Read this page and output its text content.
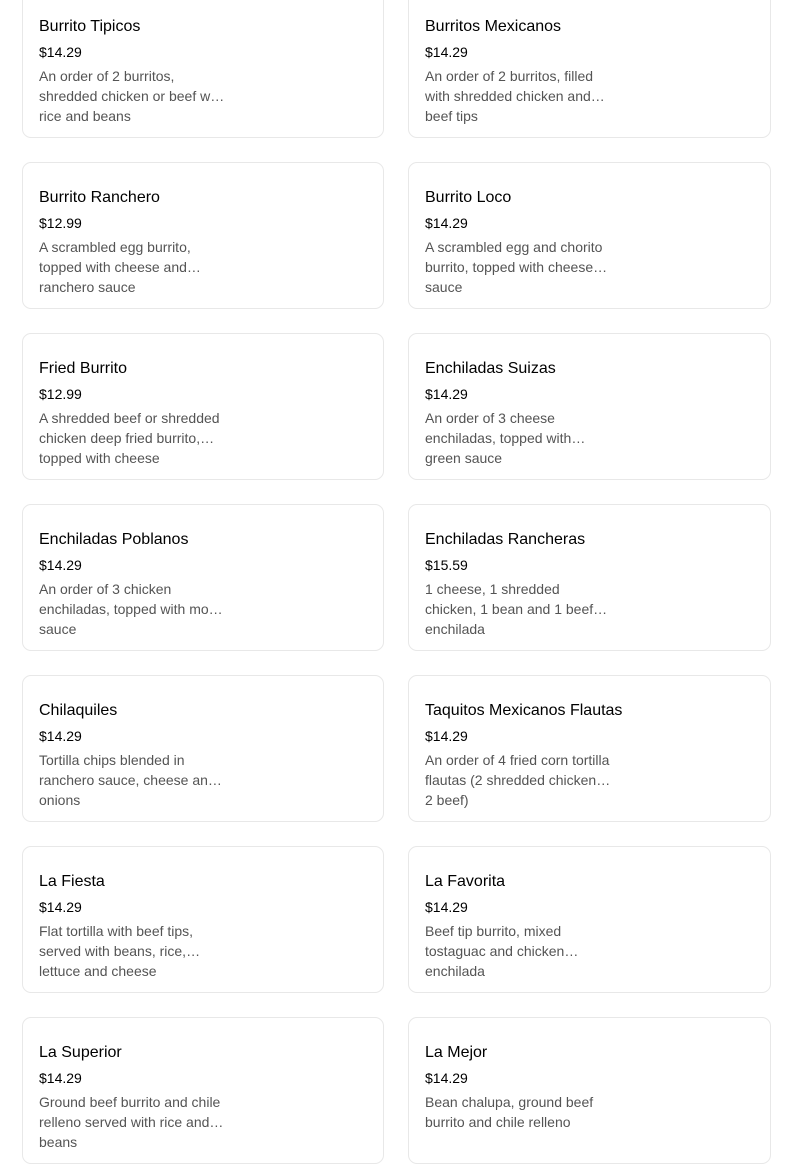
Burrito Tipicos
$14.29
An order of 2 burritos, shredded chicken or beef with rice and beans
Burritos Mexicanos
$14.29
An order of 2 burritos, filled with shredded chicken and beef tips
Burrito Ranchero
$12.99
A scrambled egg burrito, topped with cheese and ranchero sauce
Burrito Loco
$14.29
A scrambled egg and chorito burrito, topped with cheese sauce
Fried Burrito
$12.99
A shredded beef or shredded chicken deep fried burrito, topped with cheese
Enchiladas Suizas
$14.29
An order of 3 cheese enchiladas, topped with green sauce
Enchiladas Poblanos
$14.29
An order of 3 chicken enchiladas, topped with mole sauce
Enchiladas Rancheras
$15.59
1 cheese, 1 shredded chicken, 1 bean and 1 beef enchilada
Chilaquiles
$14.29
Tortilla chips blended in ranchero sauce, cheese and onions
Taquitos Mexicanos Flautas
$14.29
An order of 4 fried corn tortilla flautas (2 shredded chicken, 2 beef)
La Fiesta
$14.29
Flat tortilla with beef tips, served with beans, rice, lettuce and cheese
La Favorita
$14.29
Beef tip burrito, mixed tostaguac and chicken enchilada
La Superior
$14.29
Ground beef burrito and chile relleno served with rice and beans
La Mejor
$14.29
Bean chalupa, ground beef burrito and chile relleno
